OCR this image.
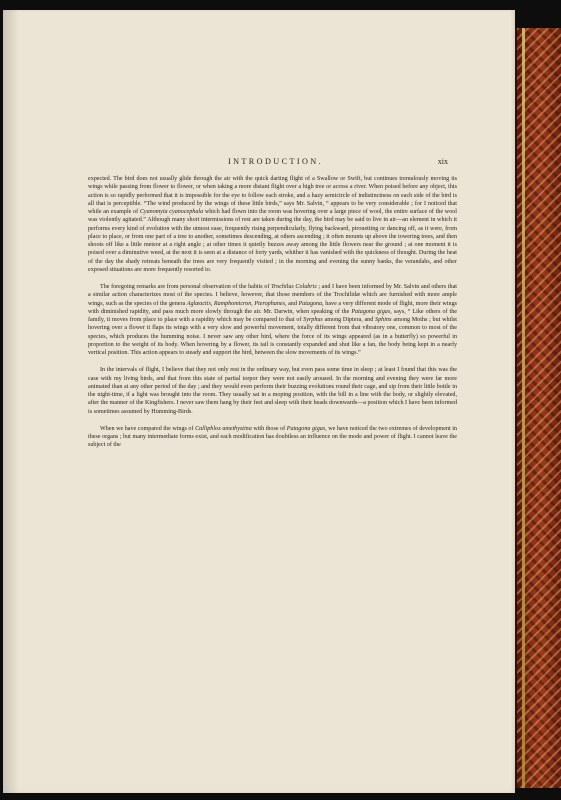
INTRODUCTION.	xix

expected. The bird does not usually glide through the air with the quick darting flight of a Swallow or Swift, but continues tremulously moving its wings while passing from flower to flower, or when taking a more distant flight over a high tree or across a river. When poised before any object, this action is so rapidly performed that it is impossible for the eye to follow each stroke, and a hazy semicircle of indistinctness on each side of the bird is all that is perceptible. “The wind produced by the wings of these little birds,” says Mr. Salvin, “ appears to be very considerable ; for I noticed that while an example of Cyanomyia cyanocephala which had flown into the room was hovering over a large piece of wool, the entire surface of the wool was violently agitated.” Although many short intermissions of rest are taken during the day, the bird may be said to live in air—an element in which it performs every kind of evolution with the utmost ease, frequently rising perpendicularly, flying backward, pirouetting or dancing off, as it were, from place to place, or from one part of a tree to another, sometimes descending, at others ascending ; it often mounts up above the towering trees, and then shoots off like a little meteor at a right angle ; at other times it quietly buzzes away among the little flowers near the ground ; at one moment it is poised over a diminutive weed, at the next it is seen at a distance of forty yards, whither it has vanished with the quickness of thought. During the heat of the day the shady retreats beneath the trees are very frequently visited ; in the morning and evening the sunny banks, the verandahs, and other exposed situations are more frequently resorted to.

The foregoing remarks are from personal observation of the habits of Trochilus Colubris ; and I have been informed by Mr. Salvin and others that a similar action characterizes most of the species. I believe, however, that those members of the Trochilidæ which are furnished with more ample wings, such as the species of the genera Aglæactis, Ramphomicron, Pterophanes, and Patagona, have a very different mode of flight, more their wings with diminished rapidity, and pass much more slowly through the air. Mr. Darwin, when speaking of the Patagona gigas, says, “ Like others of the family, it moves from place to place with a rapidity which may be compared to that of Syrphus among Diptera, and Sphinx among Moths ; but whilst hovering over a flower it flaps its wings with a very slow and powerful movement, totally different from that vibratory one, common to most of the species, which produces the humming noise. I never saw any other bird, where the force of its wings appeared (as in a butterfly) so powerful in proportion to the weight of its body. When hovering by a flower, its tail is constantly expanded and shut like a fan, the body being kept in a nearly vertical position. This action appears to steady and support the bird, between the slow movements of its wings.”

In the intervals of flight, I believe that they not only rest in the ordinary way, but even pass some time in sleep ; at least I found that this was the case with my living birds, and that from this state of partial torpor they were not easily aroused. In the morning and evening they were far more animated than at any other period of the day ; and they would even perform their buzzing evolutions round their cage, and sip from their little bottle in the night-time, if a light was brought into the room. They usually sat in a moping position, with the bill in a line with the body, or slightly elevated, after the manner of the Kingfishers. I never saw them hang by their feet and sleep with their heads downwards—a position which I have been informed is sometimes assumed by Humming-Birds.

When we have compared the wings of Calliphlox amethystina with those of Patagona gigas, we have noticed the two extremes of development in these organs ; but many intermediate forms exist, and each modification has doubtless an influence on the mode and power of flight. I cannot leave the subject of the
